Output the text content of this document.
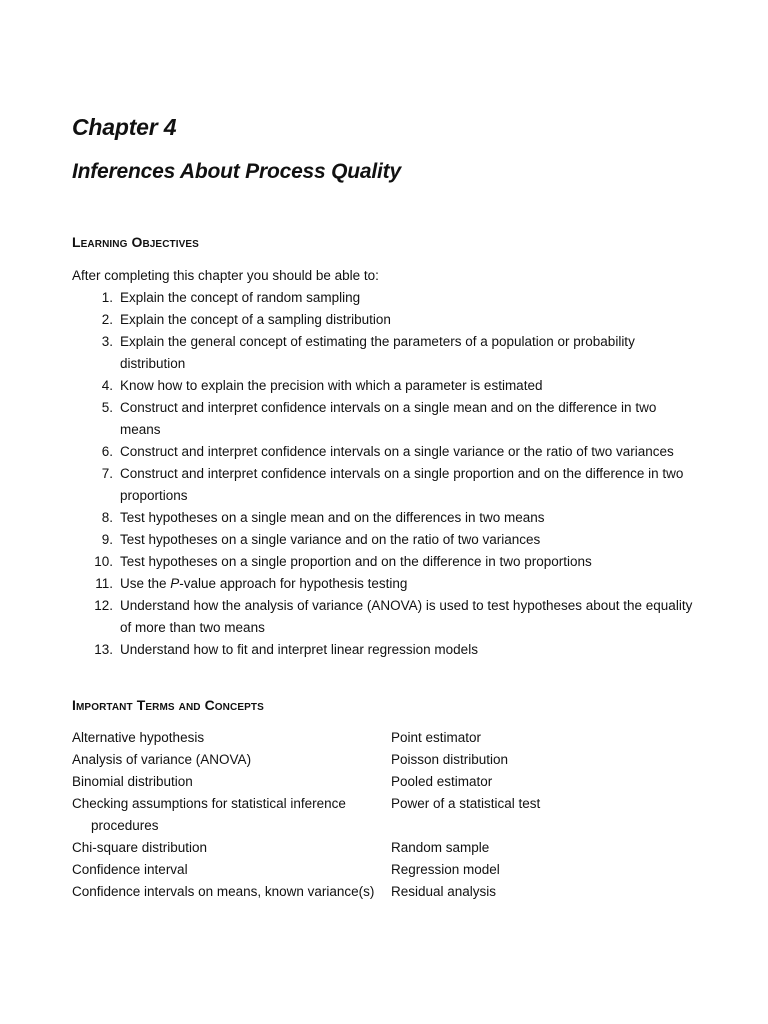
Chapter 4
Inferences About Process Quality
Learning Objectives

After completing this chapter you should be able to:

1. Explain the concept of random sampling
2. Explain the concept of a sampling distribution
3. Explain the general concept of estimating the parameters of a population or probability
distribution
4. Know how to explain the precision with which a parameter is estimated
5. Construct and interpret confidence intervals on a single mean and on the difference in two
means
6. Construct and interpret confidence intervals on a single variance or the ratio of two variances
7. Construct and interpret confidence intervals on a single proportion and on the difference in two
proportions
8. Test hypotheses on a single mean and on the differences in two means
9. Test hypotheses on a single variance and on the ratio of two variances
10. Test hypotheses on a single proportion and on the difference in two proportions
11. Use the P-value approach for hypothesis testing
12. Understand how the analysis of variance (ANOVA) is used to test hypotheses about the equality
of more than two means
13. Understand how to fit and interpret linear regression models
Important Terms and Concepts
Alternative hypothesis	Point estimator
Analysis of variance (ANOVA)	Poisson distribution
Binomial distribution	Pooled estimator
Checking assumptions for statistical inference	Power of a statistical test
procedures
Chi-square distribution	Random sample
Confidence interval	Regression model
Confidence intervals on means, known variance(s)	Residual analysis
